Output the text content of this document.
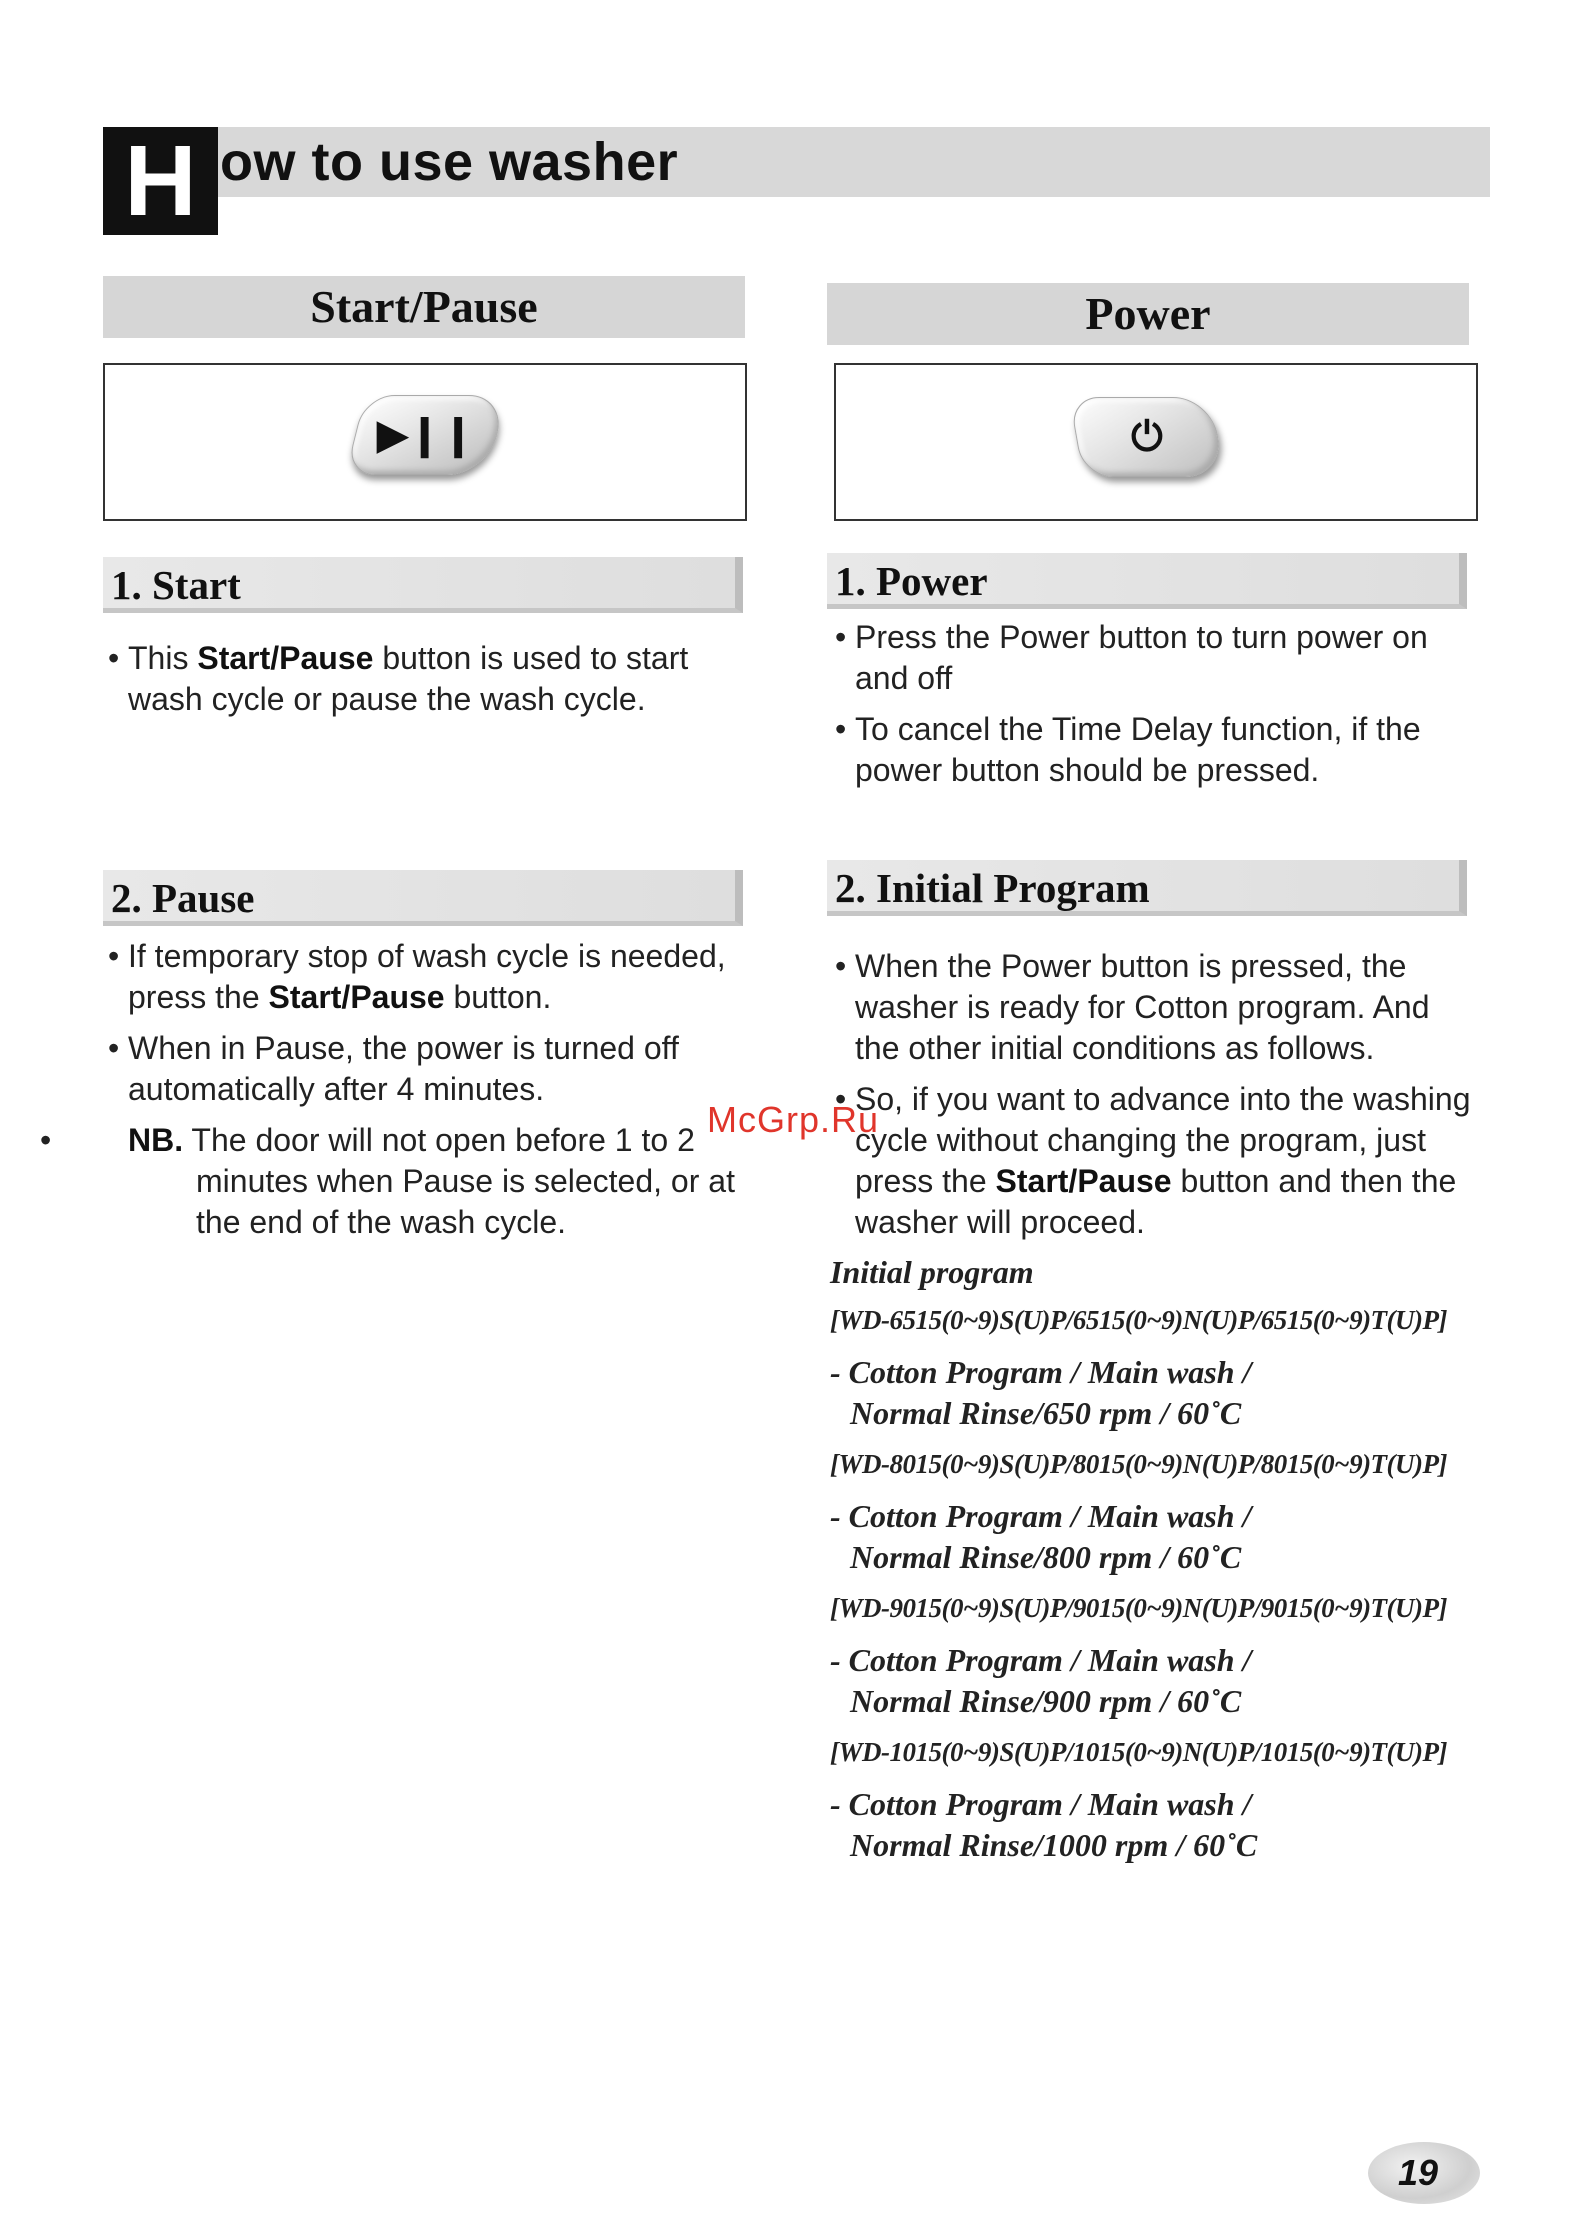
H ow to use washer
Start/Pause
▶❙❙
Power
⏻
1. Start
• This Start/Pause button is used to start wash cycle or pause the wash cycle.
1. Power
• Press the Power button to turn power on and off
• To cancel the Time Delay function, if the power button should be pressed.
2. Pause
• If temporary stop of wash cycle is needed, press the Start/Pause button.
• When in Pause, the power is turned off automatically after 4 minutes.
• NB. The door will not open before 1 to 2 minutes when Pause is selected, or at the end of the wash cycle.
2. Initial Program
• When the Power button is pressed, the washer is ready for Cotton program. And the other initial conditions as follows.
• So, if you want to advance into the washing cycle without changing the program, just press the Start/Pause button and then the washer will proceed.
Initial program
[WD-6515(0~9)S(U)P/6515(0~9)N(U)P/6515(0~9)T(U)P]
- Cotton Program / Main wash /
Normal Rinse/650 rpm / 60˚C
[WD-8015(0~9)S(U)P/8015(0~9)N(U)P/8015(0~9)T(U)P]
- Cotton Program / Main wash /
Normal Rinse/800 rpm / 60˚C
[WD-9015(0~9)S(U)P/9015(0~9)N(U)P/9015(0~9)T(U)P]
- Cotton Program / Main wash /
Normal Rinse/900 rpm / 60˚C
[WD-1015(0~9)S(U)P/1015(0~9)N(U)P/1015(0~9)T(U)P]
- Cotton Program / Main wash /
Normal Rinse/1000 rpm / 60˚C
McGrp.Ru
19
